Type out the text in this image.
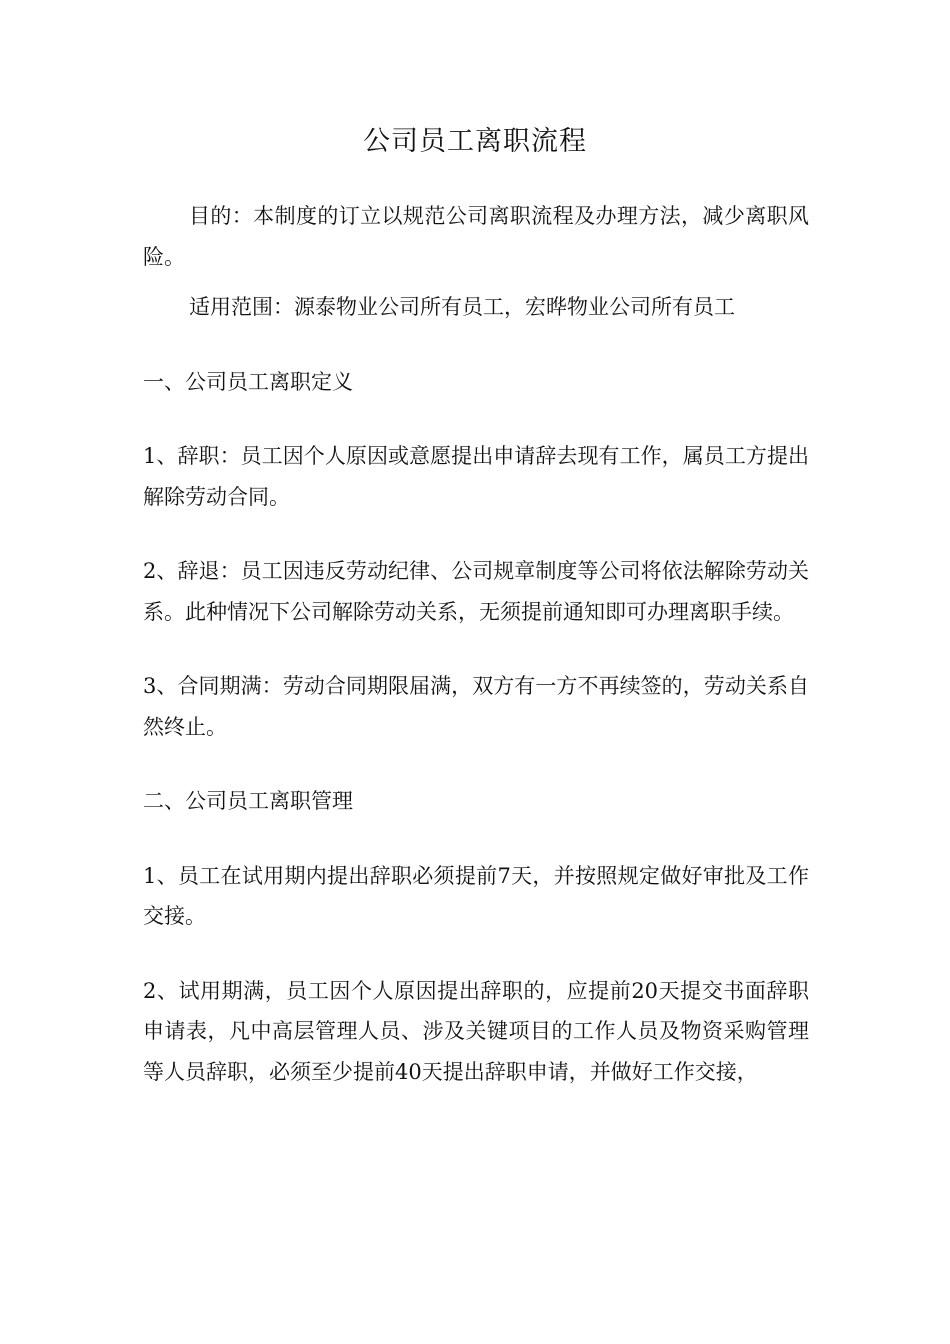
公司员工离职流程

目的：本制度的订立以规范公司离职流程及办理方法，减少离职风险。

适用范围：源泰物业公司所有员工，宏晔物业公司所有员工

一、公司员工离职定义

1、辞职：员工因个人原因或意愿提出申请辞去现有工作，属员工方提出解除劳动合同。

2、辞退：员工因违反劳动纪律、公司规章制度等公司将依法解除劳动关系。此种情况下公司解除劳动关系，无须提前通知即可办理离职手续。

3、合同期满：劳动合同期限届满，双方有一方不再续签的，劳动关系自然终止。

二、公司员工离职管理

1、员工在试用期内提出辞职必须提前7天，并按照规定做好审批及工作交接。

2、试用期满，员工因个人原因提出辞职的，应提前20天提交书面辞职申请表，凡中高层管理人员、涉及关键项目的工作人员及物资采购管理等人员辞职，必须至少提前40天提出辞职申请，并做好工作交接，
